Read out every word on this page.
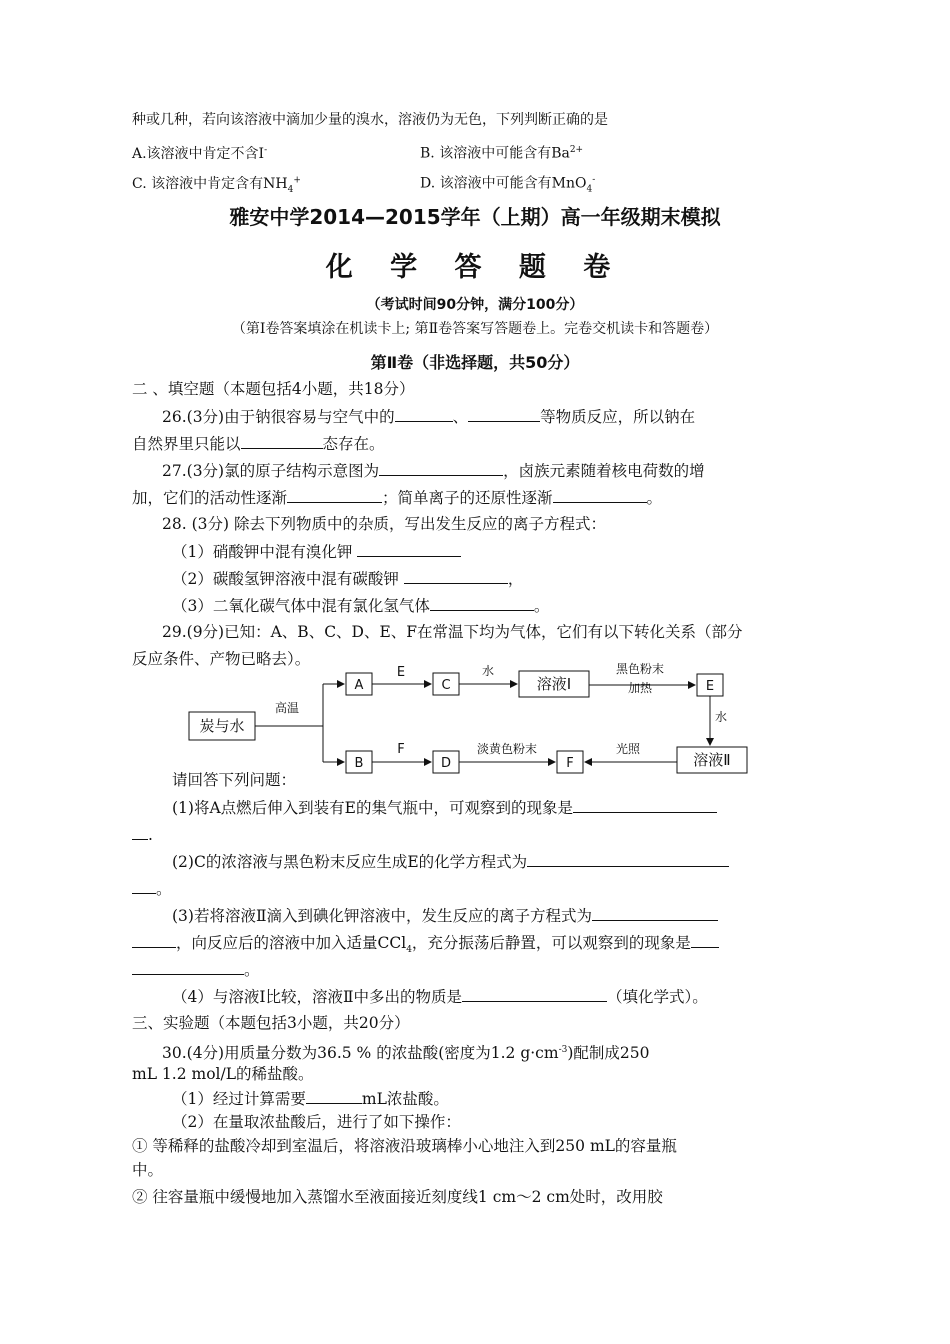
种或几种，若向该溶液中滴加少量的溴水，溶液仍为无色，下列判断正确的是
A.该溶液中肯定不含I-	B. 该溶液中可能含有$Ba^{2+}$
C. 该溶液中肯定含有$NH_4^+$	D. 该溶液中可能含有MnO$_4$-
雅安中学2014—2015学年（上期）高一年级期末模拟
化 学 答 题 卷
（考试时间90分钟，满分100分）
（第Ⅰ卷答案填涂在机读卡上; 第Ⅱ卷答案写答题卷上。完卷交机读卡和答题卷）
第Ⅱ卷（非选择题，共50分）
二 、填空题（本题包括4小题，共18分）
26.(3分)由于钠很容易与空气中的	、	等物质反应，所以钠在
自然界里只能以	态存在。
27.(3分)氯的原子结构示意图为	，卤族元素随着核电荷数的增
加，它们的活动性逐渐	；简单离子的还原性逐渐	。
28. (3分) 除去下列物质中的杂质，写出发生反应的离子方程式：
（1）硝酸钾中混有溴化钾
（2）碳酸氢钾溶液中混有碳酸钾	，
（3）二氧化碳气体中混有氯化氢气体	。
29.(9分)已知：A、B、C、D、E、F在常温下均为气体，它们有以下转化关系（部分
反应条件、产物已略去）。
炭与水
高温
A	C	溶液Ⅰ	E
B	D	F	溶液Ⅱ
E
F
水	黑色粉末
加热
水
光照
淡黄色粉末
请回答下列问题：
(1)将A点燃后伸入到装有E的集气瓶中，可观察到的现象是
.
(2)C的浓溶液与黑色粉末反应生成E的化学方程式为
。
(3)若将溶液Ⅱ滴入到碘化钾溶液中，发生反应的离子方程式为
，向反应后的溶液中加入适量CCl$_4$，充分振荡后静置，可以观察到的现象是
。
（4）与溶液Ⅰ比较，溶液Ⅱ中多出的物质是	（填化学式）。
三、实验题（本题包括3小题，共20分）
30.(4分)用质量分数为36.5 % 的浓盐酸(密度为1.2 $g\cdot cm^{-3}$)配制成250
mL 1.2 mol/L的稀盐酸。
（1）经过计算需要	mL浓盐酸。
（2）在量取浓盐酸后，进行了如下操作：
① 等稀释的盐酸冷却到室温后，将溶液沿玻璃棒小心地注入到250 mL的容量瓶
中。
② 往容量瓶中缓慢地加入蒸馏水至液面接近刻度线1 cm～2 cm处时，改用胶
